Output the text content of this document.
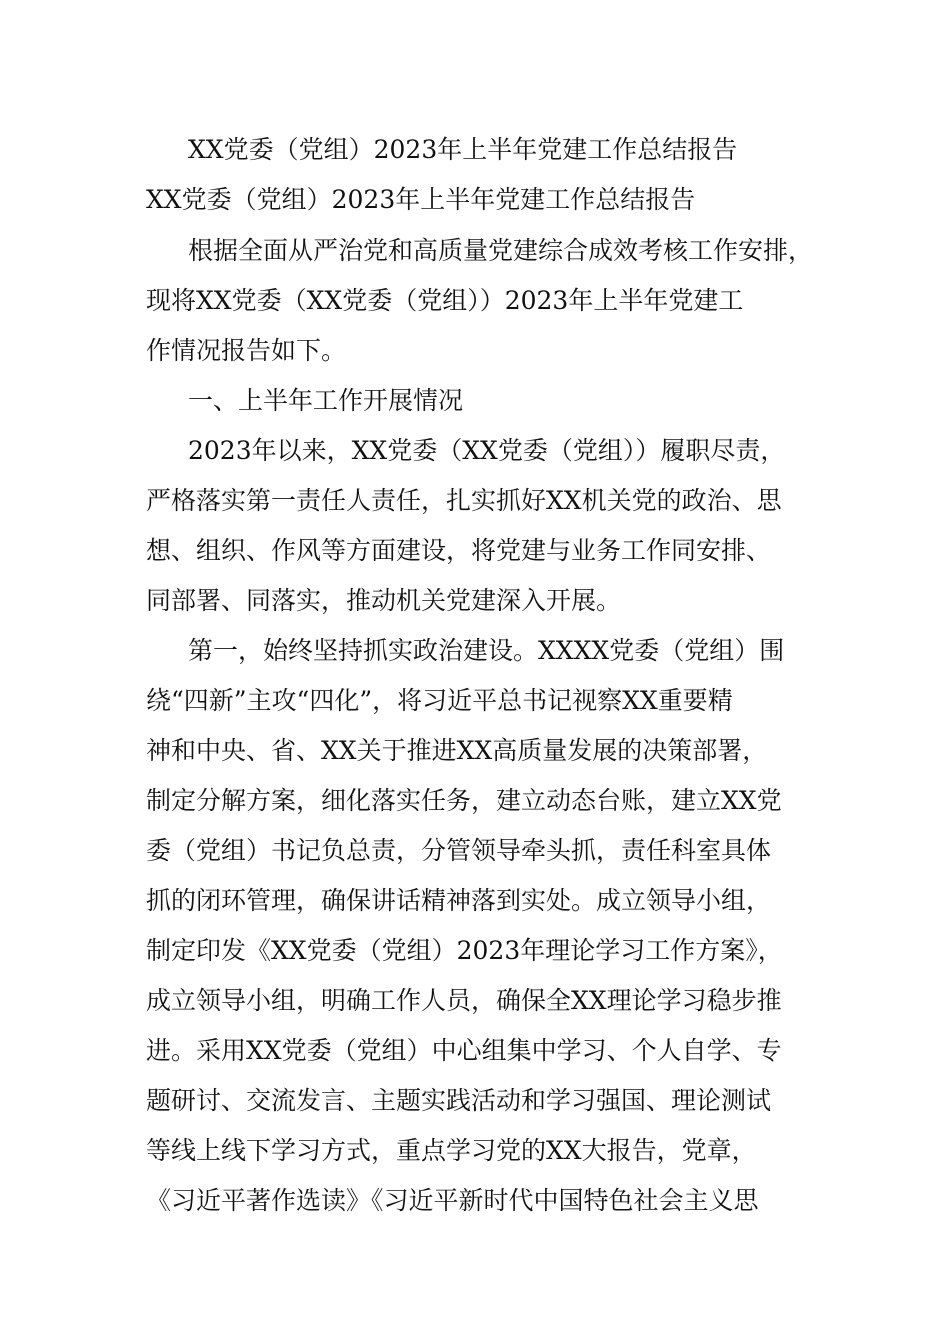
XX党委（党组）2023年上半年党建工作总结报告
XX党委（党组）2023年上半年党建工作总结报告
根据全面从严治党和高质量党建综合成效考核工作安排，
现将XX党委（XX党委（党组））2023年上半年党建工
作情况报告如下。
一、上半年工作开展情况
2023年以来，XX党委（XX党委（党组））履职尽责，
严格落实第一责任人责任，扎实抓好XX机关党的政治、思
想、组织、作风等方面建设，将党建与业务工作同安排、
同部署、同落实，推动机关党建深入开展。
第一，始终坚持抓实政治建设。XXXX党委（党组）围
绕“四新”主攻“四化”，将习近平总书记视察XX重要精
神和中央、省、XX关于推进XX高质量发展的决策部署，
制定分解方案，细化落实任务，建立动态台账，建立XX党
委（党组）书记负总责，分管领导牵头抓，责任科室具体
抓的闭环管理，确保讲话精神落到实处。成立领导小组，
制定印发《XX党委（党组）2023年理论学习工作方案》，
成立领导小组，明确工作人员，确保全XX理论学习稳步推
进。采用XX党委（党组）中心组集中学习、个人自学、专
题研讨、交流发言、主题实践活动和学习强国、理论测试
等线上线下学习方式，重点学习党的XX大报告，党章，
《习近平著作选读》《习近平新时代中国特色社会主义思
